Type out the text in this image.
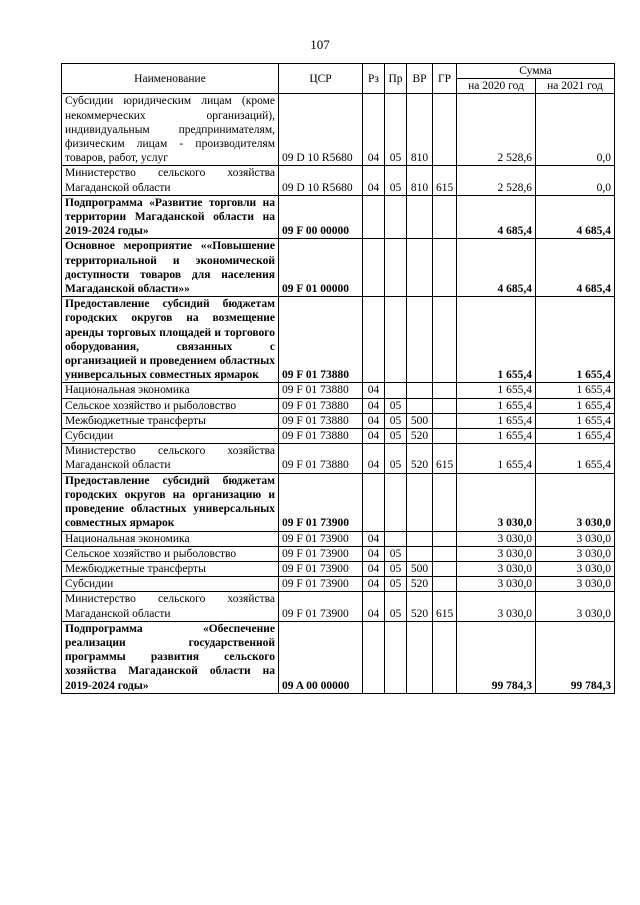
107
Наименование	ЦСР	Рз	Пр	ВР	ГР	Сумма	
						на 2020 год	на 2021 год
Субсидии юридическим лицам (кроме некоммерческих организаций), индивидуальным предпринимателям, физическим лицам - производителям товаров, работ, услуг	09 D 10 R5680	04	05	810		2 528,6	0,0
Министерство сельского хозяйства Магаданской области	09 D 10 R5680	04	05	810	615	2 528,6	0,0
Подпрограмма «Развитие торговли на территории Магаданской области на 2019-2024 годы»	09 F 00 00000					4 685,4	4 685,4
Основное мероприятие ««Повышение территориальной и экономической доступности товаров для населения Магаданской области»»	09 F 01 00000					4 685,4	4 685,4
Предоставление субсидий бюджетам городских округов на возмещение аренды торговых площадей и торгового оборудования, связанных с организацией и проведением областных универсальных совместных ярмарок	09 F 01 73880					1 655,4	1 655,4
Национальная экономика	09 F 01 73880	04				1 655,4	1 655,4
Сельское хозяйство и рыболовство	09 F 01 73880	04	05			1 655,4	1 655,4
Межбюджетные трансферты	09 F 01 73880	04	05	500		1 655,4	1 655,4
Субсидии	09 F 01 73880	04	05	520		1 655,4	1 655,4
Министерство сельского хозяйства Магаданской области	09 F 01 73880	04	05	520	615	1 655,4	1 655,4
Предоставление субсидий бюджетам городских округов на организацию и проведение областных универсальных совместных ярмарок	09 F 01 73900					3 030,0	3 030,0
Национальная экономика	09 F 01 73900	04				3 030,0	3 030,0
Сельское хозяйство и рыболовство	09 F 01 73900	04	05			3 030,0	3 030,0
Межбюджетные трансферты	09 F 01 73900	04	05	500		3 030,0	3 030,0
Субсидии	09 F 01 73900	04	05	520		3 030,0	3 030,0
Министерство сельского хозяйства Магаданской области	09 F 01 73900	04	05	520	615	3 030,0	3 030,0
Подпрограмма «Обеспечение реализации государственной программы развития сельского хозяйства Магаданской области на 2019-2024 годы»	09 A 00 00000					99 784,3	99 784,3
